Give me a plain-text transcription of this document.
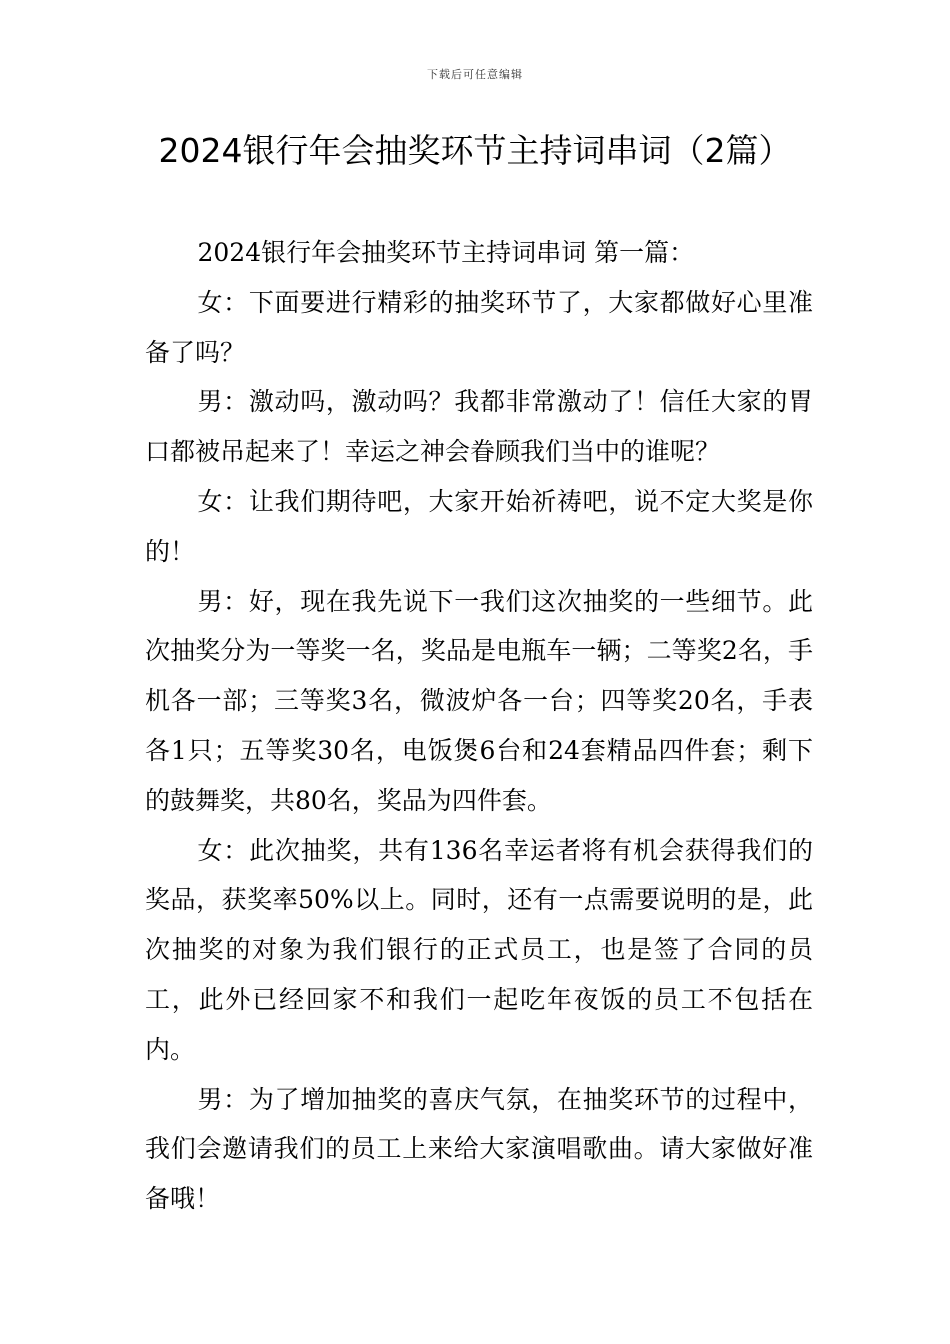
下载后可任意编辑
2024银行年会抽奖环节主持词串词（2篇）

2024银行年会抽奖环节主持词串词 第一篇：

女：下面要进行精彩的抽奖环节了，大家都做好心里准备了吗？

男：激动吗，激动吗？我都非常激动了！信任大家的胃口都被吊起来了！幸运之神会眷顾我们当中的谁呢？

女：让我们期待吧，大家开始祈祷吧，说不定大奖是你的！

男：好，现在我先说下一我们这次抽奖的一些细节。此次抽奖分为一等奖一名，奖品是电瓶车一辆；二等奖2名，手机各一部；三等奖3名，微波炉各一台；四等奖20名，手表各1只；五等奖30名，电饭煲6台和24套精品四件套；剩下的鼓舞奖，共80名，奖品为四件套。

女：此次抽奖，共有136名幸运者将有机会获得我们的奖品，获奖率50%以上。同时，还有一点需要说明的是，此次抽奖的对象为我们银行的正式员工，也是签了合同的员工，此外已经回家不和我们一起吃年夜饭的员工不包括在内。

男：为了增加抽奖的喜庆气氛，在抽奖环节的过程中，我们会邀请我们的员工上来给大家演唱歌曲。请大家做好准备哦！
